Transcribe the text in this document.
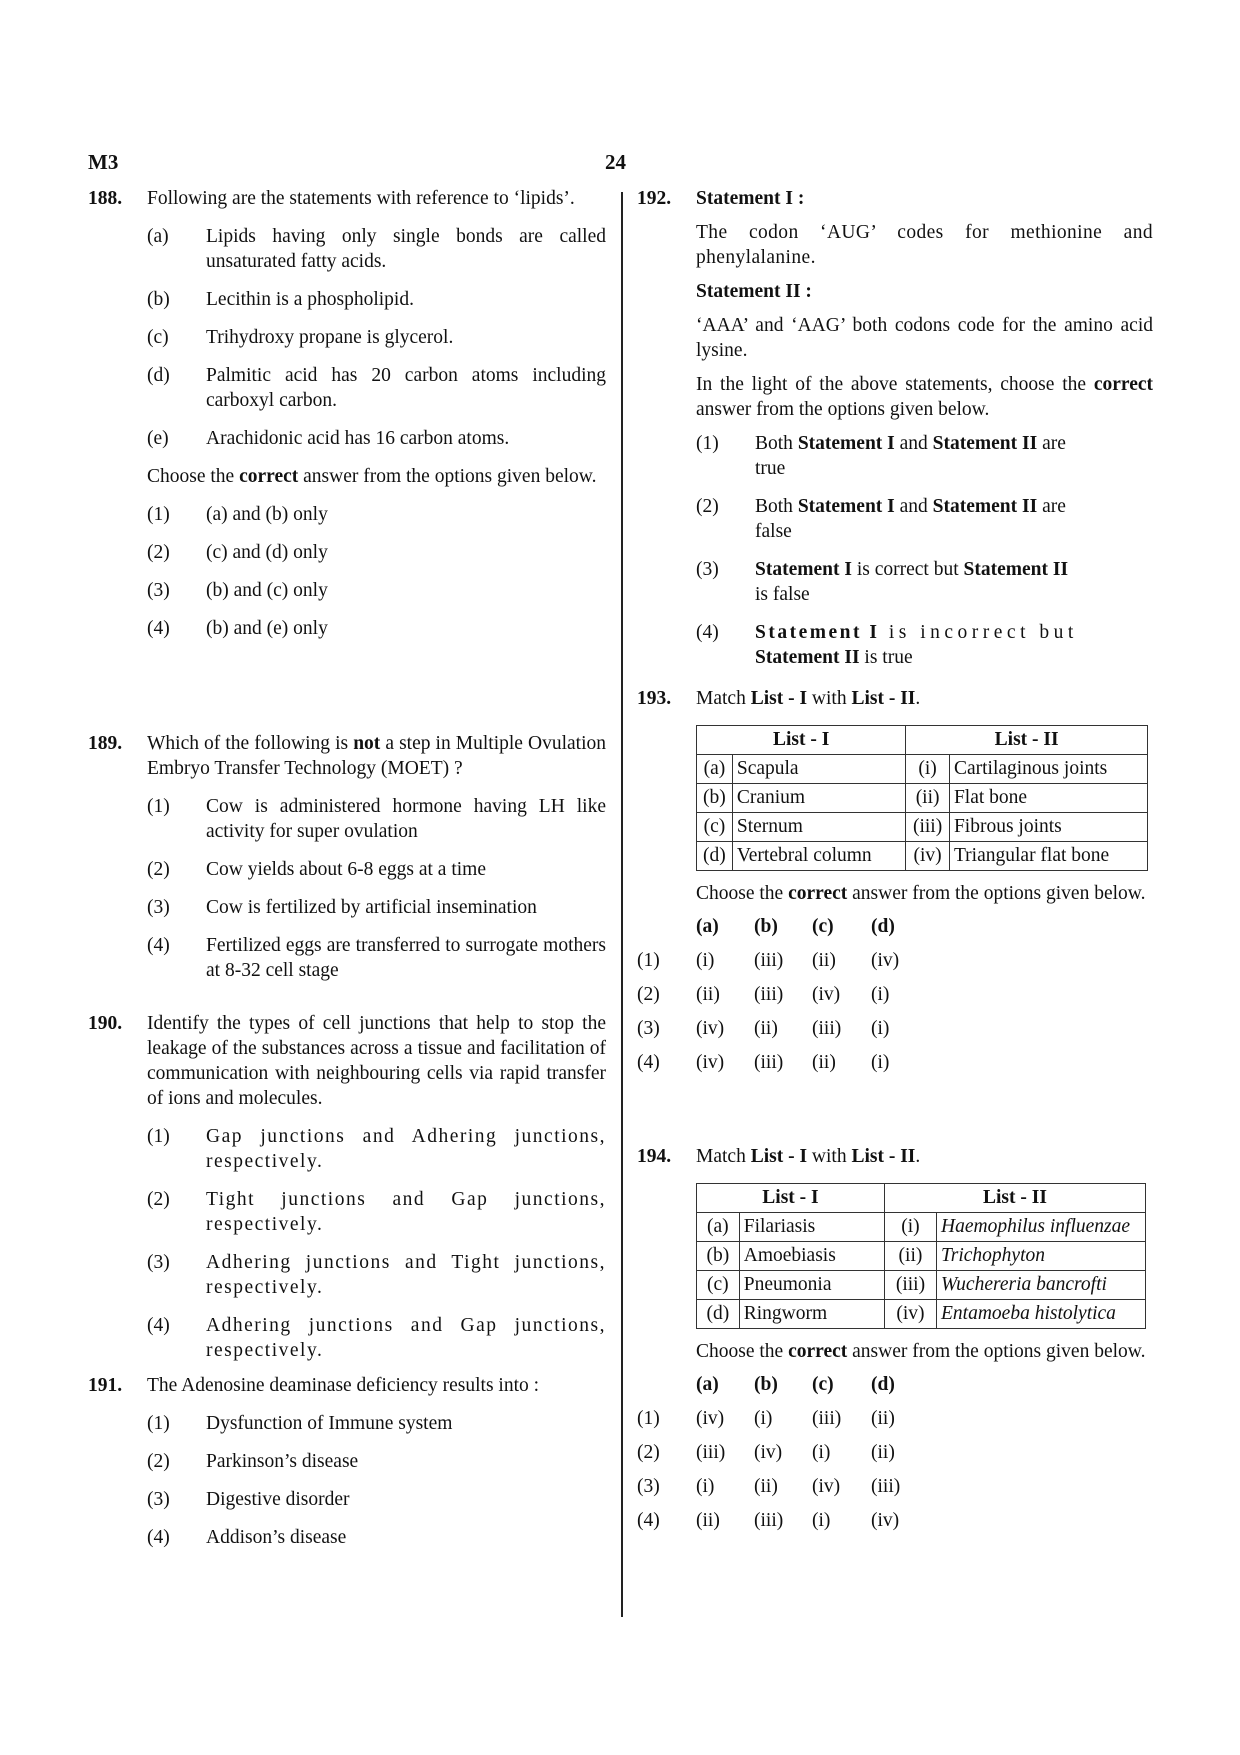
M3	24
188. Following are the statements with reference to ‘lipids’.

(a)	Lipids having only single bonds are called unsaturated fatty acids.
(b)	Lecithin is a phospholipid.
(c)	Trihydroxy propane is glycerol.
(d)	Palmitic acid has 20 carbon atoms including carboxyl carbon.
(e)	Arachidonic acid has 16 carbon atoms.

Choose the correct answer from the options given below.

(1)	(a) and (b) only
(2)	(c) and (d) only
(3)	(b) and (c) only
(4)	(b) and (e) only
189. Which of the following is not a step in Multiple Ovulation Embryo Transfer Technology (MOET) ?

(1)	Cow is administered hormone having LH like activity for super ovulation
(2)	Cow yields about 6-8 eggs at a time
(3)	Cow is fertilized by artificial insemination
(4)	Fertilized eggs are transferred to surrogate mothers at 8-32 cell stage
190. Identify the types of cell junctions that help to stop the leakage of the substances across a tissue and facilitation of communication with neighbouring cells via rapid transfer of ions and molecules.

(1)	Gap junctions and Adhering junctions, respectively.
(2)	Tight junctions and Gap junctions, respectively.
(3)	Adhering junctions and Tight junctions, respectively.
(4)	Adhering junctions and Gap junctions, respectively.
191. The Adenosine deaminase deficiency results into :

(1)	Dysfunction of Immune system
(2)	Parkinson’s disease
(3)	Digestive disorder
(4)	Addison’s disease
192. Statement I :

The codon ‘AUG’ codes for methionine and phenylalanine.

Statement II :

‘AAA’ and ‘AAG’ both codons code for the amino acid lysine.

In the light of the above statements, choose the correct answer from the options given below.

(1)	Both Statement I and Statement II are
true
(2)	Both Statement I and Statement II are
false
(3)	Statement I is correct but Statement II
is false
(4)	Statement I is incorrect but
Statement II is true
193. Match List - I with List - II.

List - I		List - II	
(a)	Scapula	(i)	Cartilaginous joints
(b)	Cranium	(ii)	Flat bone
(c)	Sternum	(iii)	Fibrous joints
(d)	Vertebral column	(iv)	Triangular flat bone

Choose the correct answer from the options given below.

	(a)	(b)	(c)	(d)
(1)	(i)	(iii)	(ii)	(iv)
(2)	(ii)	(iii)	(iv)	(i)
(3)	(iv)	(ii)	(iii)	(i)
(4)	(iv)	(iii)	(ii)	(i)
194. Match List - I with List - II.

List - I		List - II	
(a)	Filariasis	(i)	Haemophilus influenzae
(b)	Amoebiasis	(ii)	Trichophyton
(c)	Pneumonia	(iii)	Wuchereria bancrofti
(d)	Ringworm	(iv)	Entamoeba histolytica

Choose the correct answer from the options given below.

	(a)	(b)	(c)	(d)
(1)	(iv)	(i)	(iii)	(ii)
(2)	(iii)	(iv)	(i)	(ii)
(3)	(i)	(ii)	(iv)	(iii)
(4)	(ii)	(iii)	(i)	(iv)
